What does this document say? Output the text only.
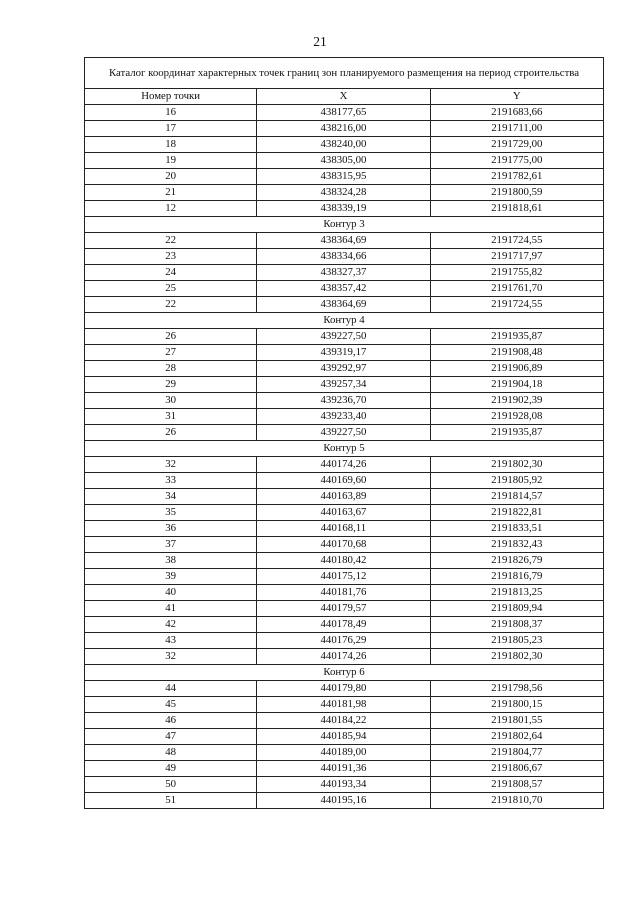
21
Каталог координат характерных точек границ зон планируемого размещения на период строительства		
Номер точки	X	Y
16	438177,65	2191683,66
17	438216,00	2191711,00
18	438240,00	2191729,00
19	438305,00	2191775,00
20	438315,95	2191782,61
21	438324,28	2191800,59
12	438339,19	2191818,61
Контур 3		
22	438364,69	2191724,55
23	438334,66	2191717,97
24	438327,37	2191755,82
25	438357,42	2191761,70
22	438364,69	2191724,55
Контур 4		
26	439227,50	2191935,87
27	439319,17	2191908,48
28	439292,97	2191906,89
29	439257,34	2191904,18
30	439236,70	2191902,39
31	439233,40	2191928,08
26	439227,50	2191935,87
Контур 5		
32	440174,26	2191802,30
33	440169,60	2191805,92
34	440163,89	2191814,57
35	440163,67	2191822,81
36	440168,11	2191833,51
37	440170,68	2191832,43
38	440180,42	2191826,79
39	440175,12	2191816,79
40	440181,76	2191813,25
41	440179,57	2191809,94
42	440178,49	2191808,37
43	440176,29	2191805,23
32	440174,26	2191802,30
Контур 6		
44	440179,80	2191798,56
45	440181,98	2191800,15
46	440184,22	2191801,55
47	440185,94	2191802,64
48	440189,00	2191804,77
49	440191,36	2191806,67
50	440193,34	2191808,57
51	440195,16	2191810,70
